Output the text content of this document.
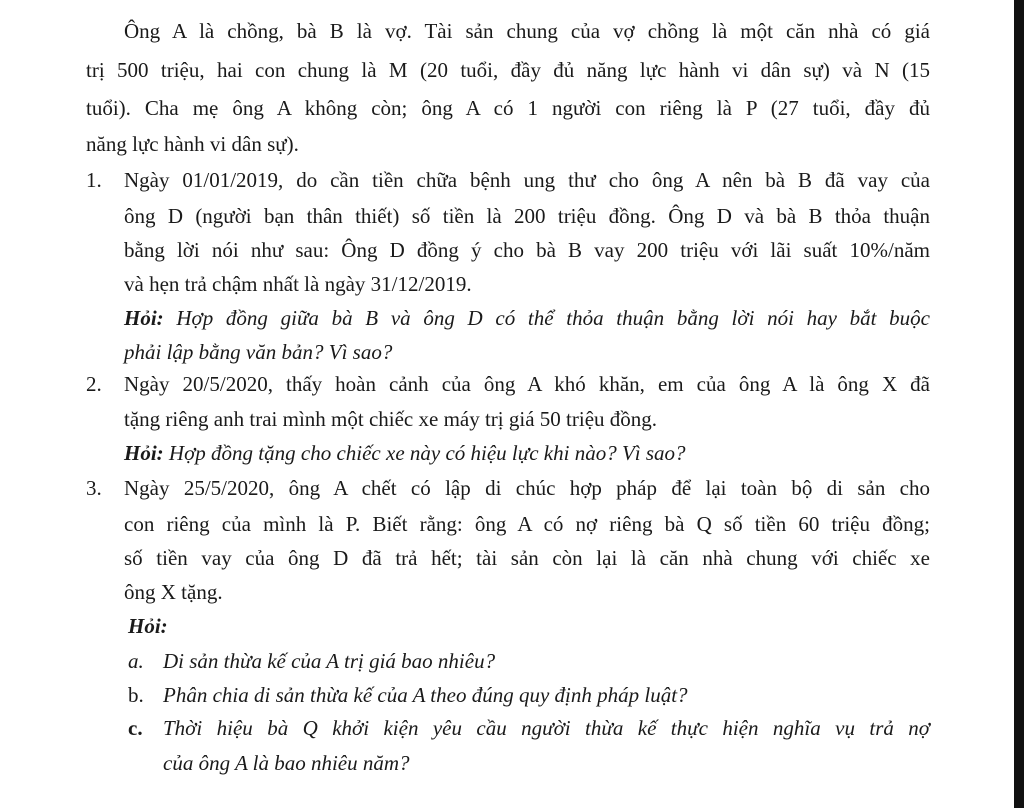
Ông A là chồng, bà B là vợ. Tài sản chung của vợ chồng là một căn nhà có giá
trị 500 triệu, hai con chung là M (20 tuổi, đầy đủ năng lực hành vi dân sự) và N (15
tuổi). Cha mẹ ông A không còn; ông A có 1 người con riêng là P (27 tuổi, đầy đủ
năng lực hành vi dân sự).
1. Ngày 01/01/2019, do cần tiền chữa bệnh ung thư cho ông A nên bà B đã vay của
ông D (người bạn thân thiết) số tiền là 200 triệu đồng. Ông D và bà B thỏa thuận
bằng lời nói như sau: Ông D đồng ý cho bà B vay 200 triệu với lãi suất 10%/năm
và hẹn trả chậm nhất là ngày 31/12/2019.
Hỏi: Hợp đồng giữa bà B và ông D có thể thỏa thuận bằng lời nói hay bắt buộc
phải lập bằng văn bản? Vì sao?
2. Ngày 20/5/2020, thấy hoàn cảnh của ông A khó khăn, em của ông A là ông X đã
tặng riêng anh trai mình một chiếc xe máy trị giá 50 triệu đồng.
Hỏi: Hợp đồng tặng cho chiếc xe này có hiệu lực khi nào? Vì sao?
3. Ngày 25/5/2020, ông A chết có lập di chúc hợp pháp để lại toàn bộ di sản cho
con riêng của mình là P. Biết rằng: ông A có nợ riêng bà Q số tiền 60 triệu đồng;
số tiền vay của ông D đã trả hết; tài sản còn lại là căn nhà chung với chiếc xe
ông X tặng.
Hỏi:
a. Di sản thừa kế của A trị giá bao nhiêu?
b. Phân chia di sản thừa kế của A theo đúng quy định pháp luật?
c. Thời hiệu bà Q khởi kiện yêu cầu người thừa kế thực hiện nghĩa vụ trả nợ
của ông A là bao nhiêu năm?
